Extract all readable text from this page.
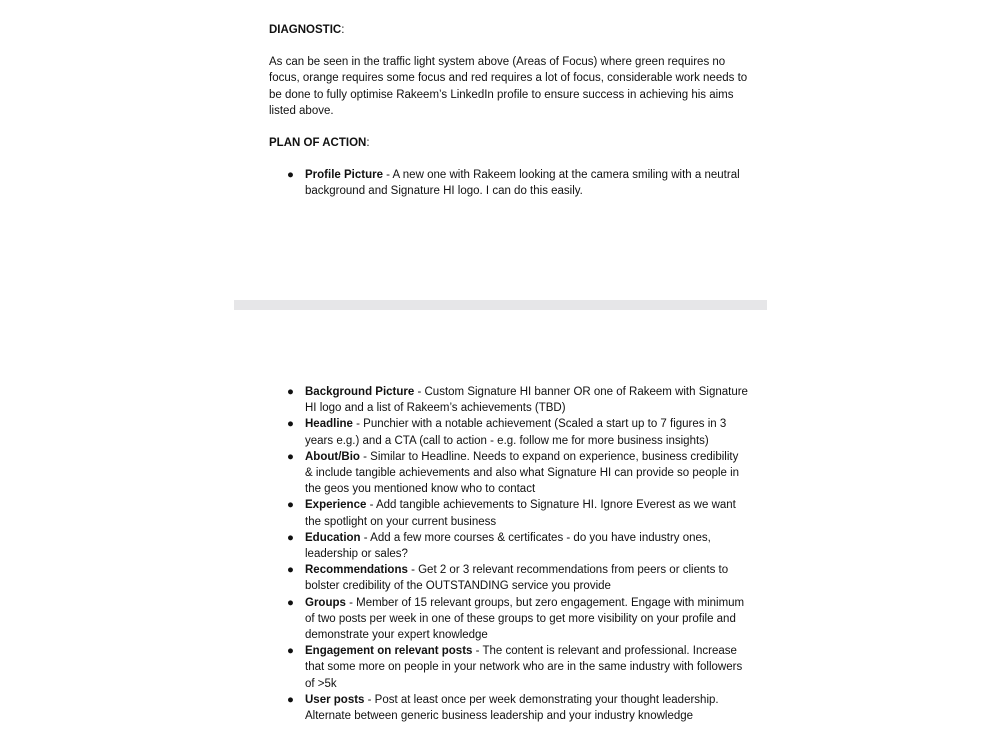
DIAGNOSTIC:

As can be seen in the traffic light system above (Areas of Focus) where green requires no focus, orange requires some focus and red requires a lot of focus, considerable work needs to be done to fully optimise Rakeem’s LinkedIn profile to ensure success in achieving his aims listed above.

PLAN OF ACTION:

● Profile Picture - A new one with Rakeem looking at the camera smiling with a neutral background and Signature HI logo. I can do this easily.
● Background Picture - Custom Signature HI banner OR one of Rakeem with Signature HI logo and a list of Rakeem’s achievements (TBD)
● Headline - Punchier with a notable achievement (Scaled a start up to 7 figures in 3 years e.g.) and a CTA (call to action - e.g. follow me for more business insights)
● About/Bio - Similar to Headline. Needs to expand on experience, business credibility & include tangible achievements and also what Signature HI can provide so people in the geos you mentioned know who to contact
● Experience - Add tangible achievements to Signature HI. Ignore Everest as we want the spotlight on your current business
● Education - Add a few more courses & certificates - do you have industry ones, leadership or sales?
● Recommendations - Get 2 or 3 relevant recommendations from peers or clients to bolster credibility of the OUTSTANDING service you provide
● Groups - Member of 15 relevant groups, but zero engagement. Engage with minimum of two posts per week in one of these groups to get more visibility on your profile and demonstrate your expert knowledge
● Engagement on relevant posts - The content is relevant and professional. Increase that some more on people in your network who are in the same industry with followers of >5k
● User posts - Post at least once per week demonstrating your thought leadership. Alternate between generic business leadership and your industry knowledge
